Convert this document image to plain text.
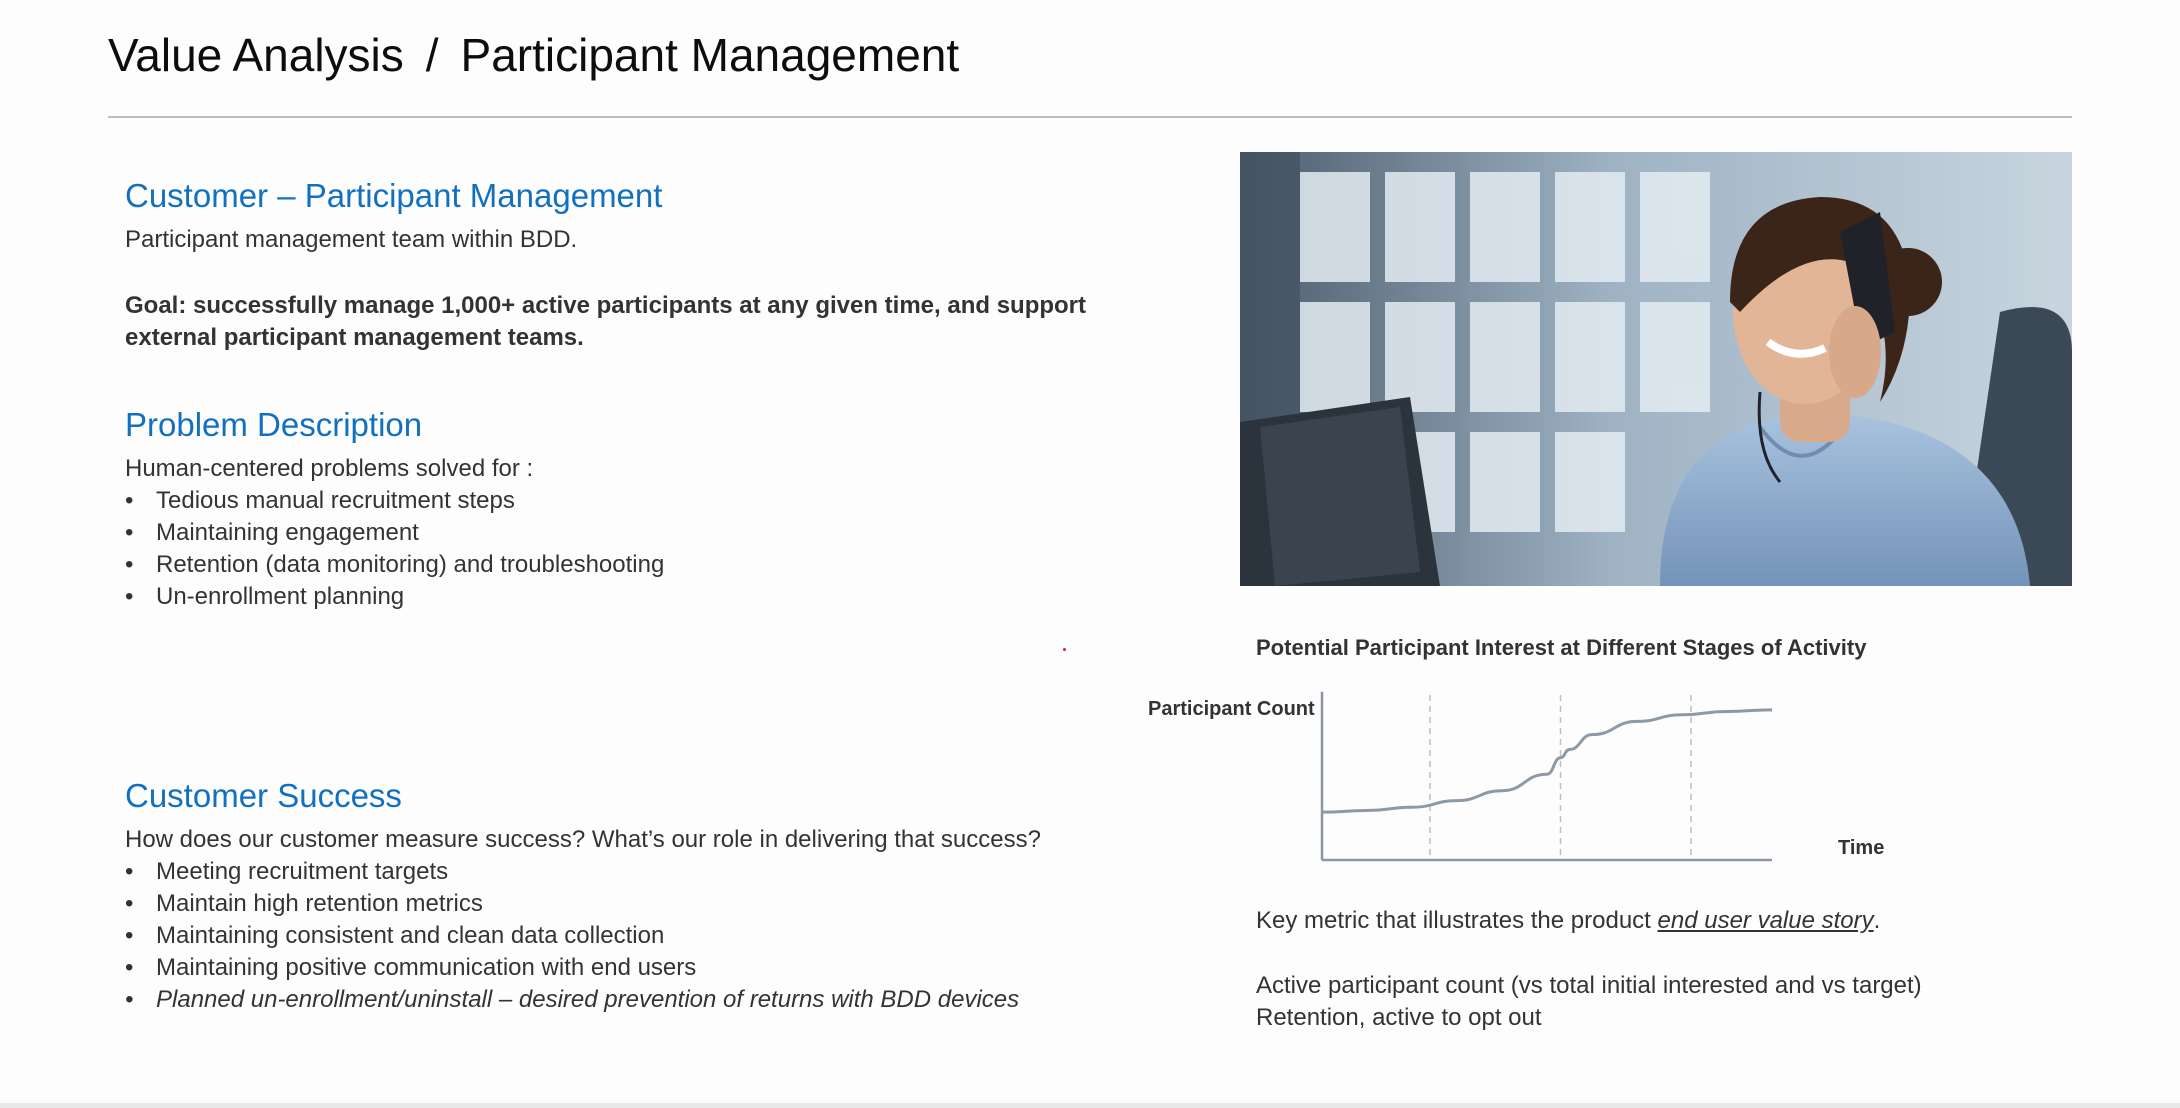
Value Analysis / Participant Management
Customer – Participant Management
Participant management team within BDD.
Goal: successfully manage 1,000+ active participants at any given time, and support
external participant management teams.
Problem Description
Human-centered problems solved for :
• Tedious manual recruitment steps
• Maintaining engagement
• Retention (data monitoring) and troubleshooting
• Un-enrollment planning
Customer Success
How does our customer measure success? What’s our role in delivering that success?
• Meeting recruitment targets
• Maintain high retention metrics
• Maintaining consistent and clean data collection
• Maintaining positive communication with end users
• Planned un-enrollment/uninstall – desired prevention of returns with BDD devices
Potential Participant Interest at Different Stages of Activity
Participant Count
Time
Key metric that illustrates the product end user value story.
Active participant count (vs total initial interested and vs target)
Retention, active to opt out
